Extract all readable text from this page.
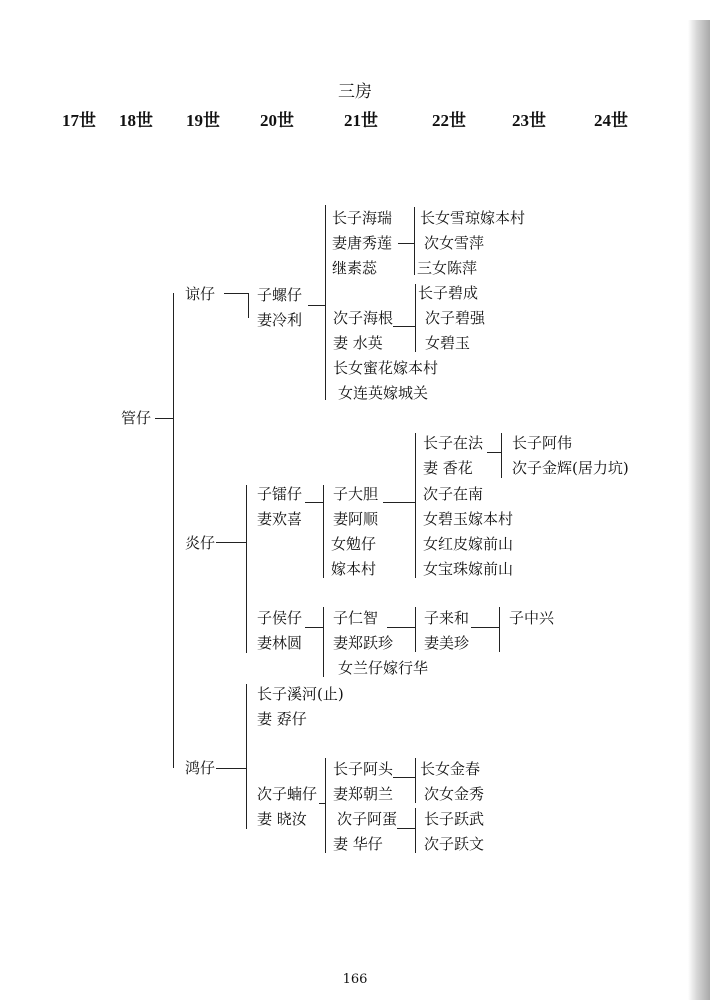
三房
17世 18世 19世 20世	21世	22世	23世	24世
管仔
谅仔	子螺仔
妻冷利
长子海瑞
妻唐秀莲
继素蕊
长女雪琼嫁本村
次女雪萍
三女陈萍
次子海根
妻 水英
长子碧成
次子碧强
女碧玉
长女蜜花嫁本村
女连英嫁城关
炎仔
子镭仔
妻欢喜
子大胆
妻阿顺
女勉仔
嫁本村
长子在法
妻 香花
长子阿伟
次子金辉(居力坑)
次子在南
女碧玉嫁本村
女红皮嫁前山
女宝珠嫁前山
子侯仔
妻林圆
子仁智
妻郑跃珍
女兰仔嫁行华
子来和
妻美珍
子中兴
鸿仔
长子溪河(止)
妻 孬仔
次子蝻仔
妻 晓汝
长子阿头
妻郑朝兰
长女金春
次女金秀
次子阿蛋
妻 华仔
长子跃武
次子跃文
166
